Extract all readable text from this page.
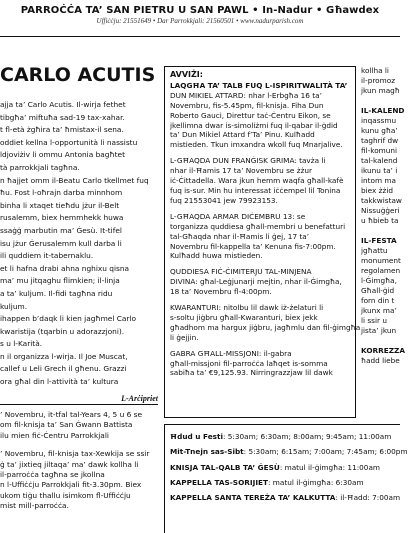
PARROĊĊA TA’ SAN PIETRU U SAN PAWL • In-Nadur • Għawdex
Uffiċċju: 21551649 • Dar Parrokkjali: 21560501 • www.nadurparish.com
CARLO ACUTIS

ajja ta’ Carlo Acutis. Il-wirja fethet

tibgħa’ miftuħa sad-19 tax-xahar.

t fl-età żgħira ta’ ħmistax-il sena.

oddiet kellna l-opportunità li nassistu

ldjoviżiv li ommu Antonia bagħtet

tà parrokkjali tagħna.

n ħajjet omm il-Beatu Carlo tkellmet fuq

ħu. Fost l-oħrajn darba minnhom

binha li xtaqet tieħdu jżur il-Belt

rusalemm, biex hemmhekk huwa

ssaġġ marbutin ma’ Ġesù. It-tifel

isu jżur Ġerusalemm kull darba li

ili quddiem it-tabernaklu.

et li hafna drabi ahna nghixu qisna

ma’ mu jitqaghu flimkien; il-linja

a ta’ kuljum. Il-fidi tagħna ridu

kuljum.

ihappen b’daqk li kien jagħmel Carlo

kwaristija (tqarbin u adorazzjoni).

s u l-Karità.

n il organizza l-wirja. Il Joe Muscat,

callef u Leli Grech il għenu. Grazzi

ora għal din l-attività ta’ kultura

L-Arċipriet

’ Novembru, it-tfal tal-Years 4, 5 u 6 se

om fil-knisja ta’ San Ġwann Battista

ilu mien fiċ-Ċentru Parrokkjali

’ Novembru, fil-knisja tax-Xewkija se ssir

ġ ta’ jixtieq jiltaqa’ ma’ dawk kollha li

il-parroċċa tagħna se jkollna

n l-Uffiċċju Parrokkjali fit-3.30pm. Biex

ukom tiġu thallu isimkom fl-Uffiċċju

mist mill-parroċċa.

AVVIŻI:
LAQGĦA TA’ TALB FUQ L-ISPIRITWALITÀ TA’
DUN MIKIEL ATTARD: nhar l-Erbgħa 16 ta’
Novembru, fis-5.45pm, fil-knisja. Fiha Dun
Roberto Gauci, Direttur taċ-Ċentru Eikon, se
jkellimna dwar is-simoliżmi fuq il-qabar il-ġdid
ta’ Dun Mikiel Attard f’Ta’ Pinu. Kulħadd
mistieden. Tkun imxandra wkoll fuq Mnarjalive.
L-GĦAQDA DUN FRANĠISK GRIMA: tavża li
nhar il-Ħamis 17 ta’ Novembru se żżur
iċ-Ċittadella. Wara jkun hemm waqfa għall-kafè
fuq is-sur. Min hu interessat iċċempel lil Tonina
fuq 21553041 jew 79923153.
L-GĦAQDA ARMAR DIĊEMBRU 13: se
torganizza quddiesa għall-membri u benefatturi
tal-Għaqda nhar il-Ħamis li ġej, 17 ta’
Novembru fil-kappella ta’ Kenuna fis-7:00pm.
Kulħadd huwa mistieden.
QUDDIESA FIĊ-ĊIMITERJU TAL-MINJENA
DIVINA: għal-Leġjunarji mejtin, nhar il-Ġimgħa,
18 ta’ Novembru fl-4:00pm.
KWARANTURI: nitolbu lil dawk iż-żelaturi li
s-soltu jiġbru għall-Kwaranturi, biex jekk
għadhom ma hargux jiġbru, jagħmlu dan fil-ġimgħa
li ġejjin.
GABRA GĦALL-MISSJONI: il-gabra
għall-missjoni fil-parroċċa laħqet is-somma
sabiħa ta’ €9,125.93. Nirringrazzjaw lil dawk
kollha li
il-promoz
jkun magħ

IL-KALEND
inqassmu
kunu għa’
taghrif dw
fil-komuni
tal-kalend
ikunu ta’ i
intom ma
biex żżid
takkwistaw
Nissuġġeri
u ħbieb ta

IL-FESTA
jgħattu
monument
regolamen
l-Ġimgħa,
Għall-ġid
forn din t
jkunx ma’
li ssir u
jista’ jkun

KORREZZA
ħadd liebe
Ħdud u Festi: 5:30am; 6:30am; 8:00am; 9:45am; 11:00am
Mit-Tnejn sas-Sibt: 5:30am; 6:15am; 7:00am; 7:45am; 6:00pm
KNISJA TAL-QALB TA’ ĠESÙ: matul il-ġimgħa: 11:00am
KAPPELLA TAS-SORIJIET: matul il-ġimgħa: 6:30am
KAPPELLA SANTA TEREŻA TA’ KALKUTTA: il-Ħadd: 7:00am
